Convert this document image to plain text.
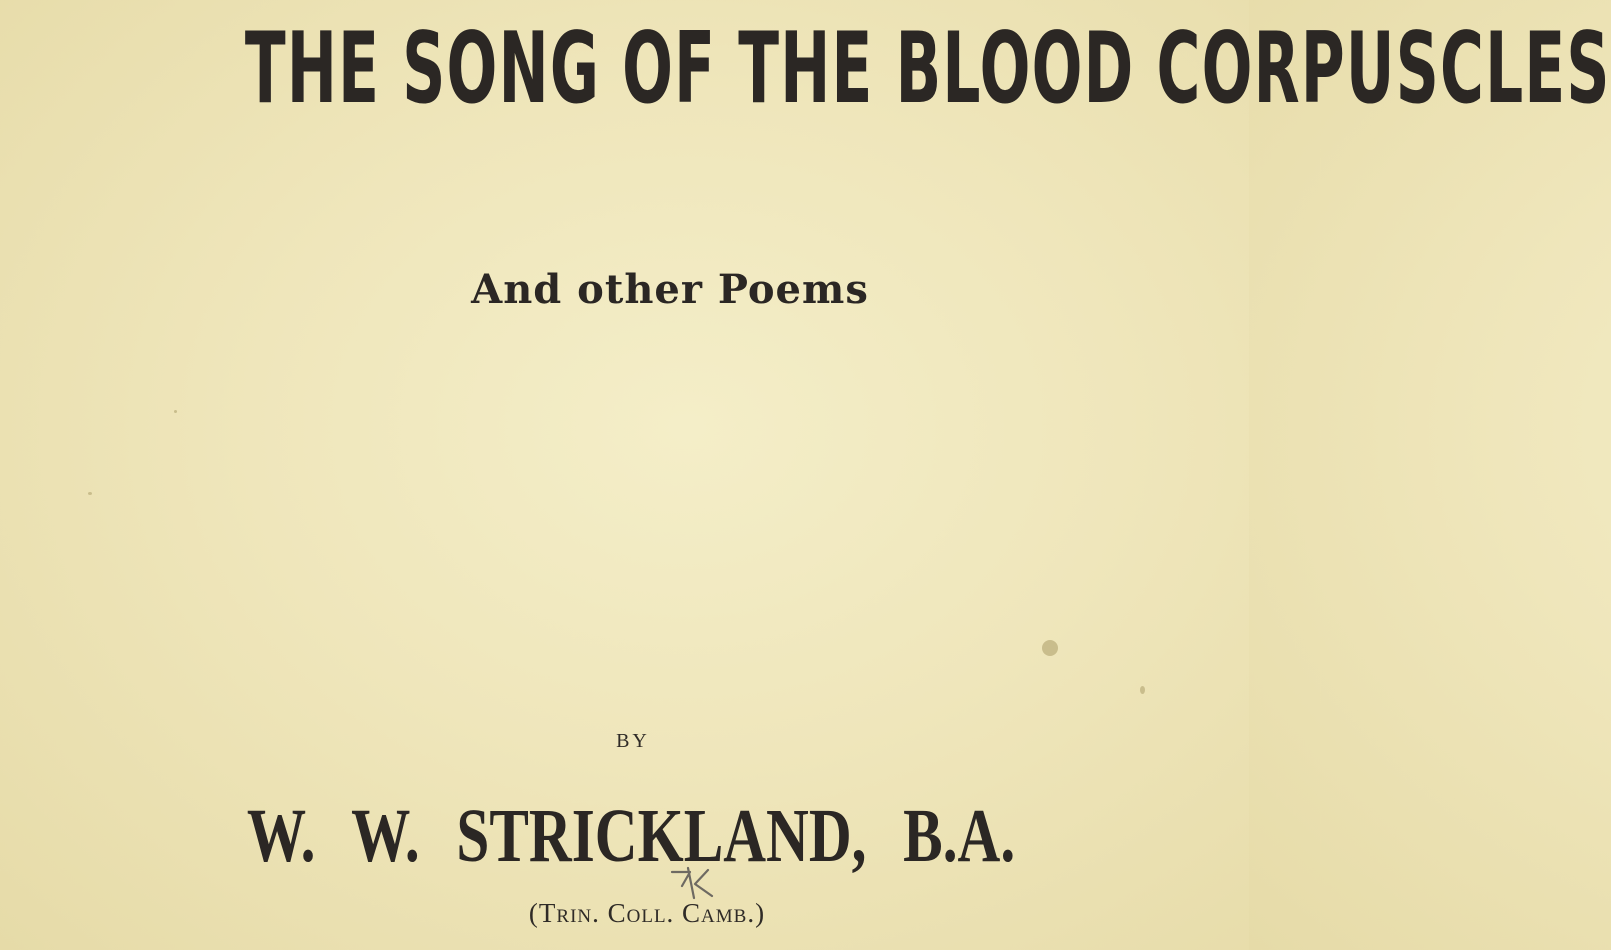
THE SONG OF THE BLOOD CORPUSCLES
And other Poems
BY
W. W. STRICKLAND, B.A.
(Trin. Coll. Camb.)
